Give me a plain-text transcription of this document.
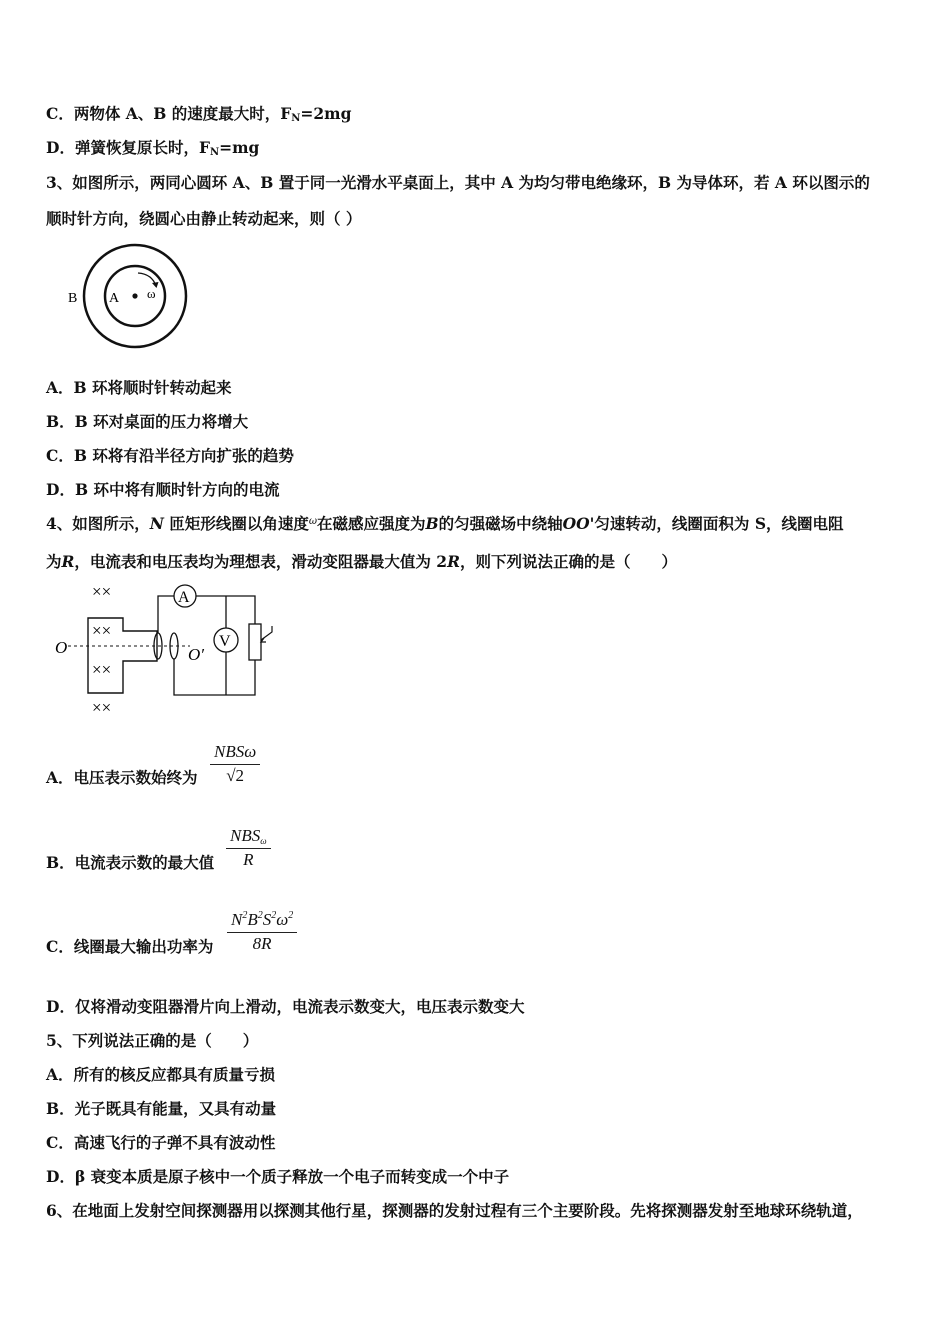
C．两物体 A、B 的速度最大时，$F_N=2mg$
D．弹簧恢复原长时，$F_N=mg$
3、如图所示，两同心圆环 A、B 置于同一光滑水平桌面上，其中 A 为均匀带电绝缘环，B 为导体环，若 A 环以图示的
顺时针方向，绕圆心由静止转动起来，则（ ）
B A ω
A．B 环将顺时针转动起来
B．B 环对桌面的压力将增大
C．B 环将有沿半径方向扩张的趋势
D．B 环中将有顺时针方向的电流
4、如图所示，N 匝矩形线圈以角速度$^\omega$在磁感应强度为B的匀强磁场中绕轴OO'匀速转动，线圈面积为 S，线圈电阻
为R，电流表和电压表均为理想表，滑动变阻器最大值为 2R，则下列说法正确的是（　　）
××
××
××
××
O	O′
A
V
A．电压表示数始终为
NBSω
√2
B．电流表示数的最大值
NBSω
R
C．线圈最大输出功率为 $\frac{N^2B^2S^2\omega^2}{8R}$
D．仅将滑动变阻器滑片向上滑动，电流表示数变大，电压表示数变大
5、下列说法正确的是（　　）
A．所有的核反应都具有质量亏损
B．光子既具有能量，又具有动量
C．高速飞行的子弹不具有波动性
D．β 衰变本质是原子核中一个质子释放一个电子而转变成一个中子
6、在地面上发射空间探测器用以探测其他行星，探测器的发射过程有三个主要阶段。先将探测器发射至地球环绕轨道，
